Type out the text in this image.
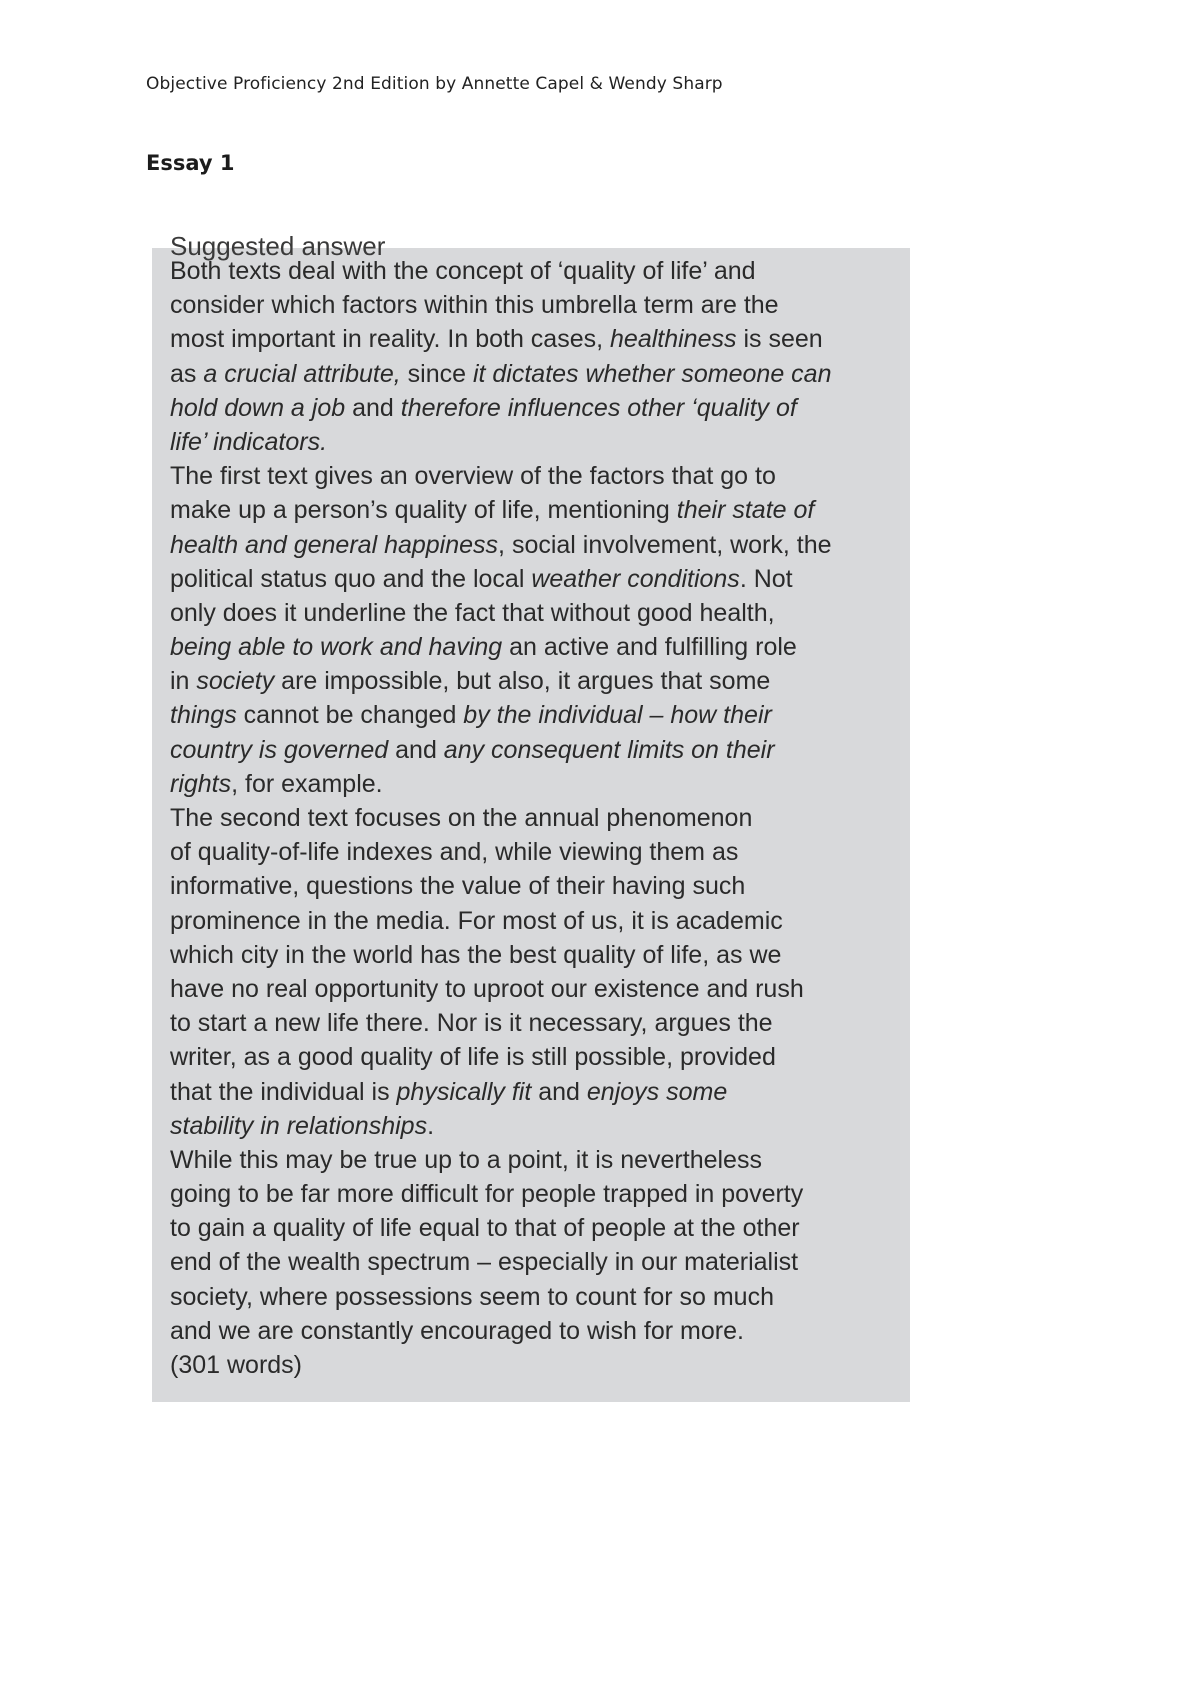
Objective Proficiency 2nd Edition by Annette Capel & Wendy Sharp
Essay 1
Suggested answer
Both texts deal with the concept of ‘quality of life’ and
consider which factors within this umbrella term are the
most important in reality. In both cases, healthiness is seen
as a crucial attribute, since it dictates whether someone can
hold down a job and therefore influences other ‘quality of
life’ indicators.
The first text gives an overview of the factors that go to
make up a person’s quality of life, mentioning their state of
health and general happiness, social involvement, work, the
political status quo and the local weather conditions. Not
only does it underline the fact that without good health,
being able to work and having an active and fulfilling role
in society are impossible, but also, it argues that some
things cannot be changed by the individual – how their
country is governed and any consequent limits on their
rights, for example.
The second text focuses on the annual phenomenon
of quality-of-life indexes and, while viewing them as
informative, questions the value of their having such
prominence in the media. For most of us, it is academic
which city in the world has the best quality of life, as we
have no real opportunity to uproot our existence and rush
to start a new life there. Nor is it necessary, argues the
writer, as a good quality of life is still possible, provided
that the individual is physically fit and enjoys some
stability in relationships.
While this may be true up to a point, it is nevertheless
going to be far more difficult for people trapped in poverty
to gain a quality of life equal to that of people at the other
end of the wealth spectrum – especially in our materialist
society, where possessions seem to count for so much
and we are constantly encouraged to wish for more.
(301 words)
